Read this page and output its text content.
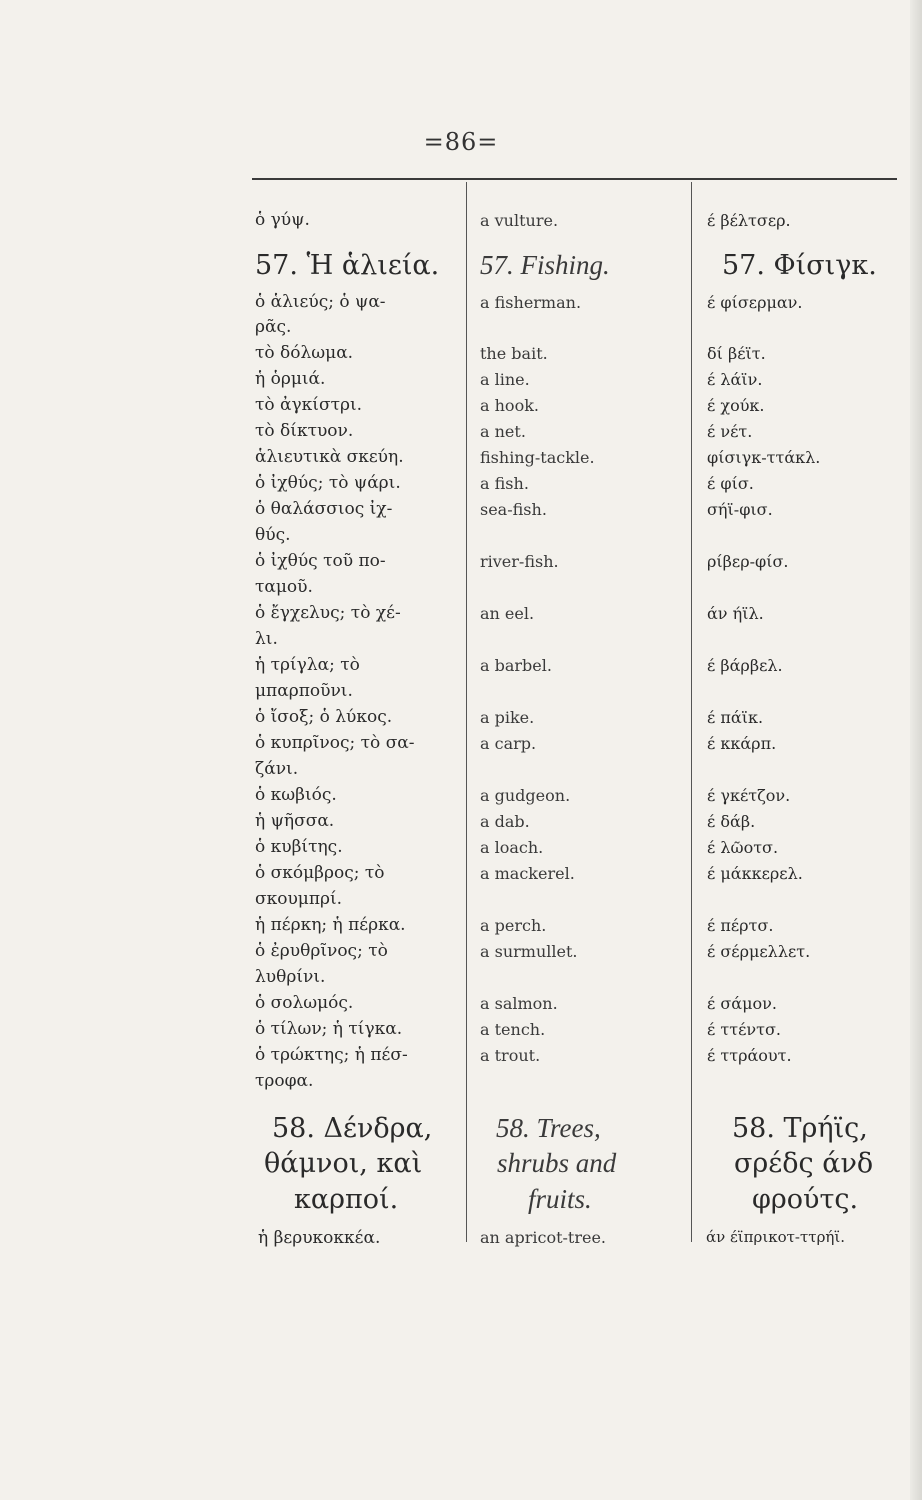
=86=
ὁ γύψ.
57. Ἡ ἁλιεία.
ὁ ἁλιεύς; ὁ ψα-
ρᾶς.
τὸ δόλωμα.
ἡ ὁρμιά.
τὸ ἀγκίστρι.
τὸ δίκτυον.
ἁλιευτικὰ σκεύη.
ὁ ἰχθύς; τὸ ψάρι.
ὁ θαλάσσιος ἰχ-
θύς.
ὁ ἰχθύς τοῦ πο-
ταμοῦ.
ὁ ἔγχελυς; τὸ χέ-
λι.
ἡ τρίγλα; τὸ
μπαρποῦνι.
ὁ ἴσοξ; ὁ λύκος.
ὁ κυπρῖνος; τὸ σα-
ζάνι.
ὁ κωβιός.
ἡ ψῆσσα.
ὁ κυβίτης.
ὁ σκόμβρος; τὸ
σκουμπρί.
ἡ πέρκη; ἡ πέρκα.
ὁ ἐρυθρῖνος; τὸ
λυθρίνι.
ὁ σολωμός.
ὁ τίλων; ἡ τίγκα.
ὁ τρώκτης; ἡ πέσ-
τροφα.
58. Δένδρα,
θάμνοι, καὶ
καρποί.
ἡ βερυκοκκέα.
a vulture.
57. Fishing.
a fisherman.
the bait.
a line.
a hook.
a net.
fishing-tackle.
a fish.
sea-fish.
river-fish.
an eel.
a barbel.
a pike.
a carp.
a gudgeon.
a dab.
a loach.
a mackerel.
a perch.
a surmullet.
a salmon.
a tench.
a trout.
58. Trees,
shrubs and
fruits.
an apricot-tree.
έ βέλτσερ.
57. Φίσιγκ.
έ φίσερμαν.
δί βέϊτ.
έ λάϊν.
έ χούκ.
έ νέτ.
φίσιγκ-ττάκλ.
έ φίσ.
σήϊ-φισ.
ρίβερ-φίσ.
άν ήϊλ.
έ βάρβελ.
έ πάϊκ.
έ κκάρπ.
έ γκέτζον.
έ δάβ.
έ λῶοτσ.
έ μάκκερελ.
έ πέρτσ.
έ σέρμελλετ.
έ σάμον.
έ ττέντσ.
έ ττράουτ.
58. Τρήϊς,
σρέδς άνδ
φρούτς.
άν έϊπρικοτ-ττρήϊ.
